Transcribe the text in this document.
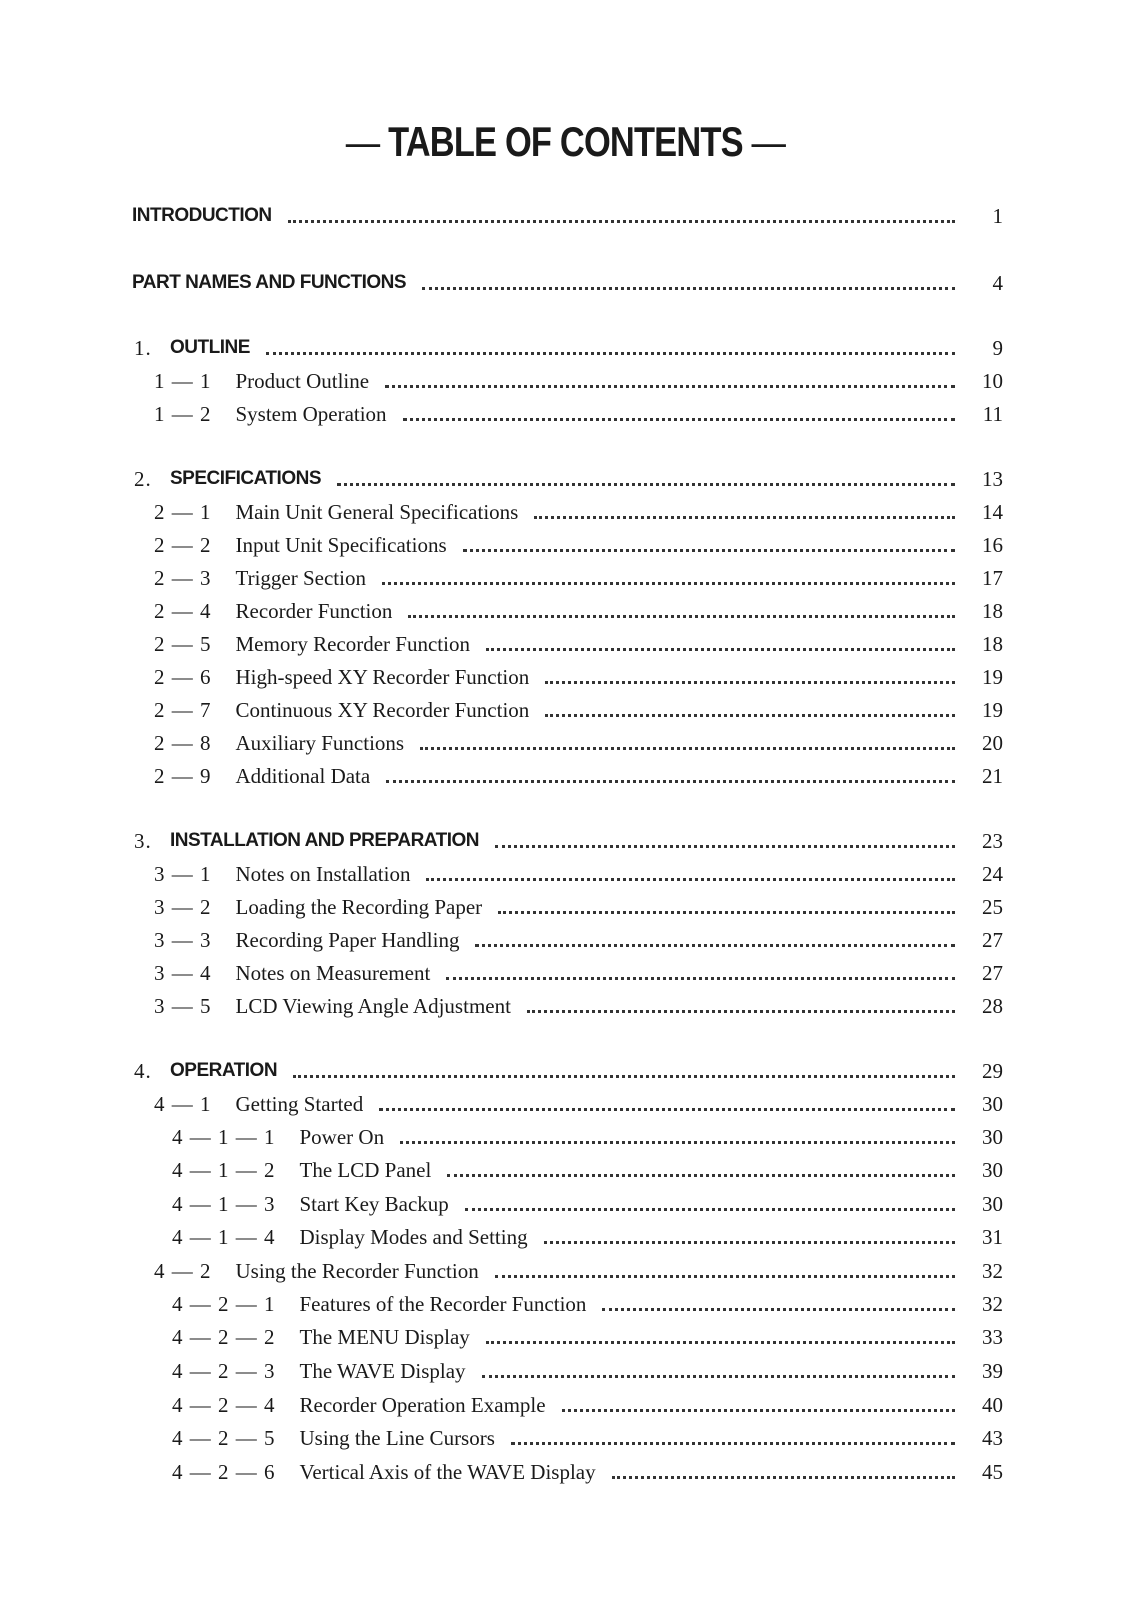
— TABLE OF CONTENTS —
INTRODUCTION	1
PART NAMES AND FUNCTIONS	4
1. OUTLINE	9
1 — 1 Product Outline	10
1 — 2 System Operation	11
2. SPECIFICATIONS	13
2 — 1 Main Unit General Specifications	14
2 — 2 Input Unit Specifications	16
2 — 3 Trigger Section	17
2 — 4 Recorder Function	18
2 — 5 Memory Recorder Function	18
2 — 6 High-speed XY Recorder Function	19
2 — 7 Continuous XY Recorder Function	19
2 — 8 Auxiliary Functions	20
2 — 9 Additional Data	21
3. INSTALLATION AND PREPARATION	23
3 — 1 Notes on Installation	24
3 — 2 Loading the Recording Paper	25
3 — 3 Recording Paper Handling	27
3 — 4 Notes on Measurement	27
3 — 5 LCD Viewing Angle Adjustment	28
4. OPERATION	29
4 — 1 Getting Started	30
4 — 1 — 1 Power On	30
4 — 1 — 2 The LCD Panel	30
4 — 1 — 3 Start Key Backup	30
4 — 1 — 4 Display Modes and Setting	31
4 — 2 Using the Recorder Function	32
4 — 2 — 1 Features of the Recorder Function	32
4 — 2 — 2 The MENU Display	33
4 — 2 — 3 The WAVE Display	39
4 — 2 — 4 Recorder Operation Example	40
4 — 2 — 5 Using the Line Cursors	43
4 — 2 — 6 Vertical Axis of the WAVE Display	45
